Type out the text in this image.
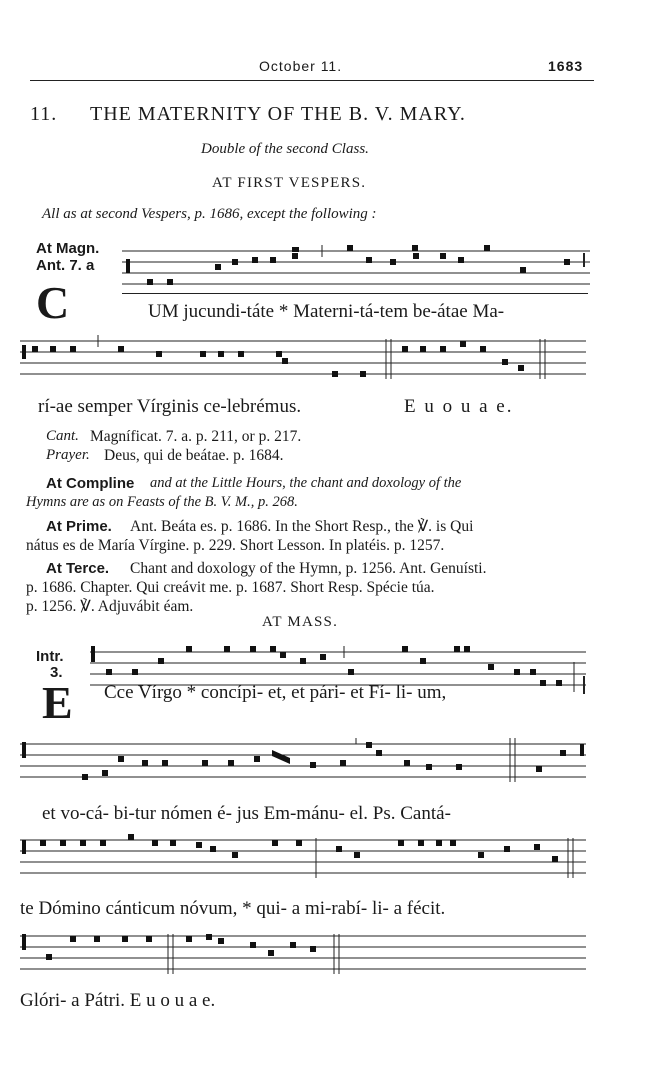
October 11.	1683
11. THE MATERNITY OF THE B. V. MARY.
Double of the second Class.
AT FIRST VESPERS.
All as at second Vespers, p. 1686, except the following :
At Magn.
Ant. 7. a
C	UM jucundi-táte * Materni-tá-tem be-átae Ma-
rí-ae semper Vírginis ce-lebrémus.	E u o u a e.
Cant. Magníficat. 7. a. p. 211, or p. 217.
Prayer. Deus, qui de beátae. p. 1684.
At Compline and at the Little Hours, the chant and doxology of the
Hymns are as on Feasts of the B. V. M., p. 268.
At Prime. Ant. Beáta es. p. 1686. In the Short Resp., the ℣. is Qui
nátus es de María Vírgine. p. 229. Short Lesson. In platéis. p. 1257.
At Terce. Chant and doxology of the Hymn, p. 1256. Ant. Genuísti.
p. 1686. Chapter. Qui creávit me. p. 1687. Short Resp. Spécie túa.
p. 1256. ℣. Adjuvábit éam.
AT MASS.
Intr.
3.
E Cce Vírgo * concípi- et, et pári- et Fí- li- um,
et vo-cá- bi-tur nómen é- jus Em-mánu- el. Ps. Cantá-
te Dómino cánticum nóvum, * qui- a mi-rabí- li- a fécit.
Glóri- a Pátri. E u o u a e.
